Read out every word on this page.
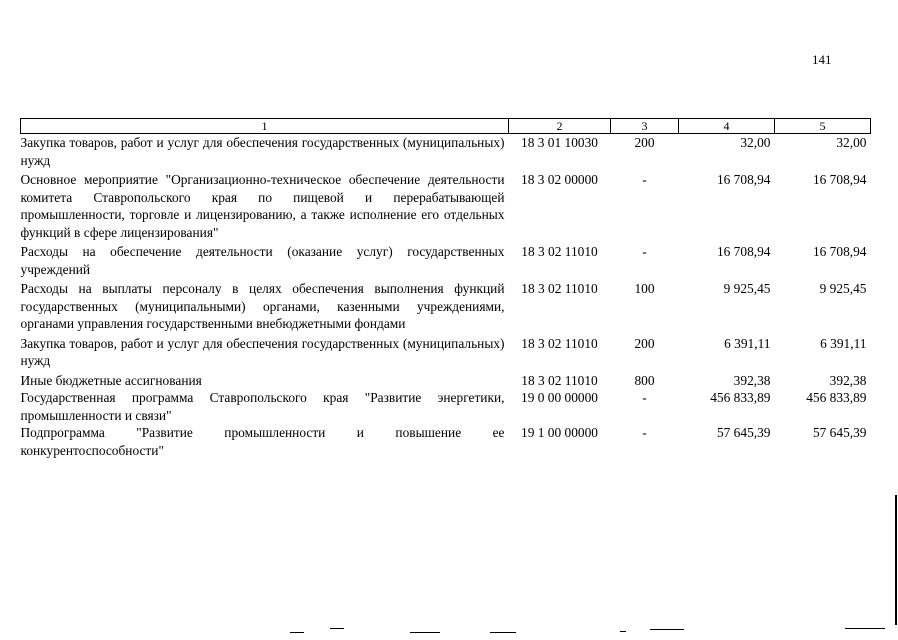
141
1	2	3	4	5
Закупка товаров, работ и услуг для обеспечения государственных (муниципальных) нужд	18 3 01 10030	200	32,00	32,00
Основное мероприятие "Организационно-техническое обеспечение деятельности комитета Ставропольского края по пищевой и перерабатывающей промышленности, торговле и лицензированию, а также исполнение его отдельных функций в сфере лицензирования"	18 3 02 00000	-	16 708,94	16 708,94
Расходы на обеспечение деятельности (оказание услуг) государственных учреждений	18 3 02 11010	-	16 708,94	16 708,94
Расходы на выплаты персоналу в целях обеспечения выполнения функций государственных (муниципальными) органами, казенными учреждениями, органами управления государственными внебюджетными фондами	18 3 02 11010	100	9 925,45	9 925,45
Закупка товаров, работ и услуг для обеспечения государственных (муниципальных) нужд	18 3 02 11010	200	6 391,11	6 391,11
Иные бюджетные ассигнования	18 3 02 11010	800	392,38	392,38
Государственная программа Ставропольского края "Развитие энергетики, промышленности и связи"	19 0 00 00000	-	456 833,89	456 833,89
Подпрограмма "Развитие промышленности и повышение ее конкурентоспособности"	19 1 00 00000	-	57 645,39	57 645,39
